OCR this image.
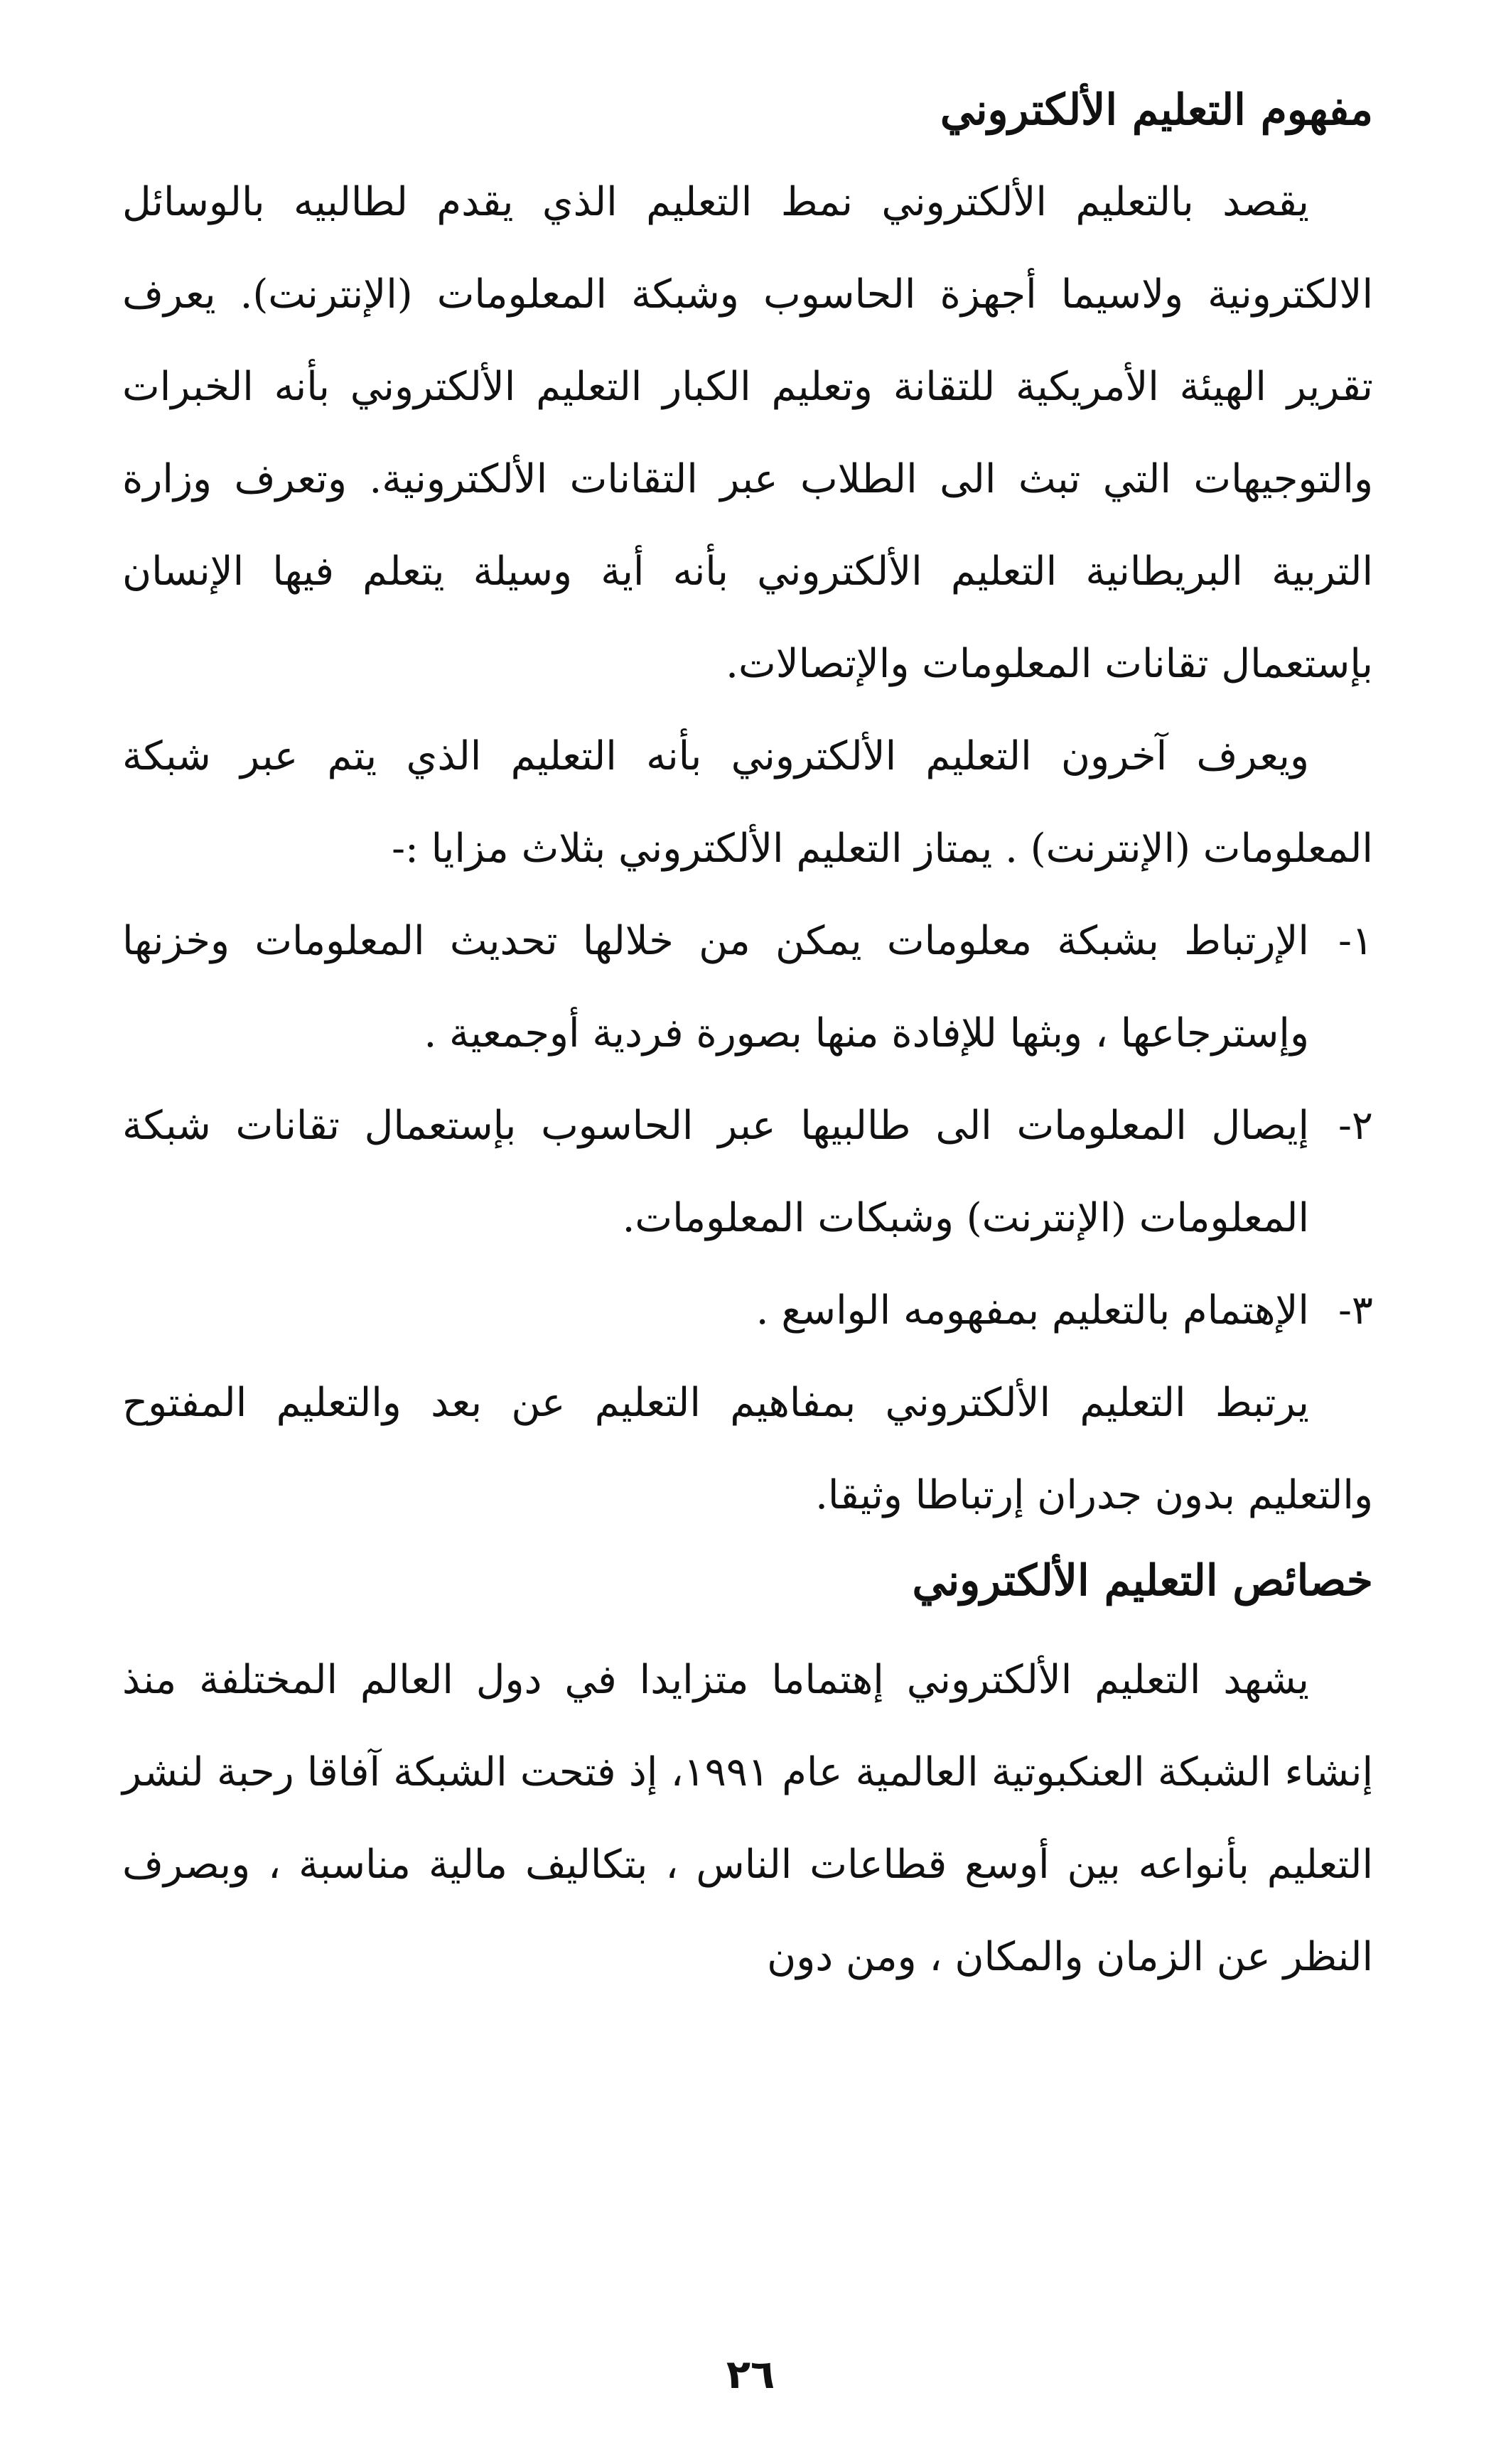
مفهوم التعليم الألكتروني

يقصد بالتعليم الألكتروني نمط التعليم الذي يقدم لطالبيه بالوسائل الالكترونية ولاسيما أجهزة الحاسوب وشبكة المعلومات (الإنترنت). يعرف تقرير الهيئة الأمريكية للتقانة وتعليم الكبار التعليم الألكتروني بأنه الخبرات والتوجيهات التي تبث الى الطلاب عبر التقانات الألكترونية. وتعرف وزارة التربية البريطانية التعليم الألكتروني بأنه أية وسيلة يتعلم فيها الإنسان بإستعمال تقانات المعلومات والإتصالات.

ويعرف آخرون التعليم الألكتروني بأنه التعليم الذي يتم عبر شبكة المعلومات (الإنترنت) . يمتاز التعليم الألكتروني بثلاث مزايا :-

١-
الإرتباط بشبكة معلومات يمكن من خلالها تحديث المعلومات وخزنها وإسترجاعها ، وبثها للإفادة منها بصورة فردية أوجمعية .
٢-
إيصال المعلومات الى طالبيها عبر الحاسوب بإستعمال تقانات شبكة المعلومات (الإنترنت) وشبكات المعلومات.
٣-
الإهتمام بالتعليم بمفهومه الواسع .

يرتبط التعليم الألكتروني بمفاهيم التعليم عن بعد والتعليم المفتوح والتعليم بدون جدران إرتباطا وثيقا.

خصائص التعليم الألكتروني

يشهد التعليم الألكتروني إهتماما متزايدا في دول العالم المختلفة منذ إنشاء الشبكة العنكبوتية العالمية عام ١٩٩١، إذ فتحت الشبكة آفاقا رحبة لنشر التعليم بأنواعه بين أوسع قطاعات الناس ، بتكاليف مالية مناسبة ، وبصرف النظر عن الزمان والمكان ، ومن دون

٢٦
